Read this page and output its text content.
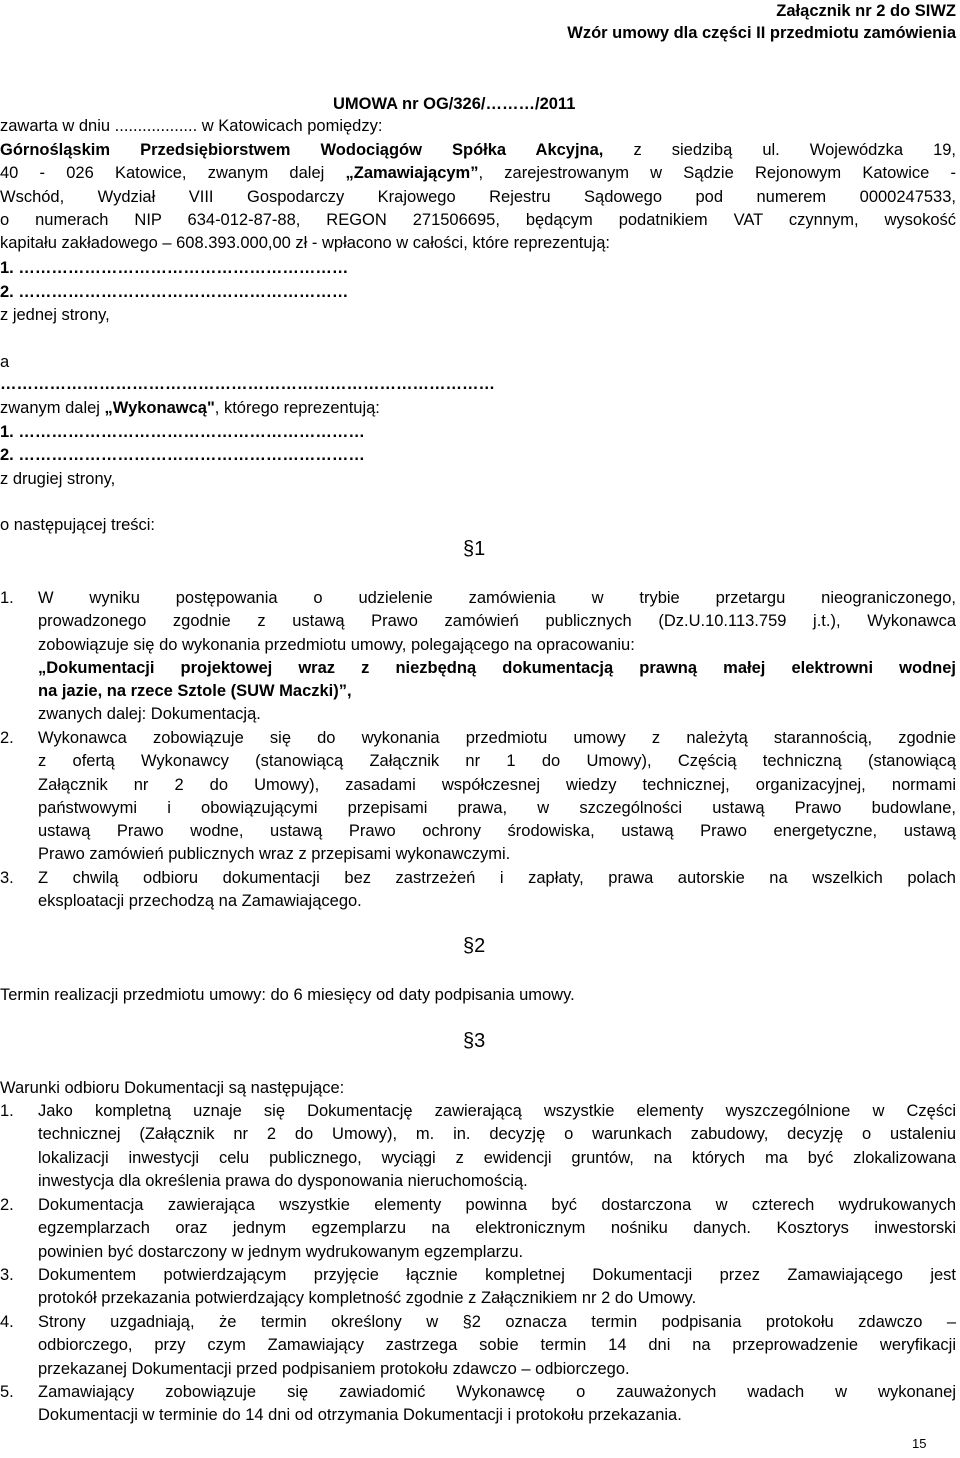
Załącznik nr 2 do SIWZ
Wzór umowy dla części II przedmiotu zamówienia
UMOWA nr OG/326/………/2011
zawarta w dniu .................. w Katowicach pomiędzy:
Górnośląskim Przedsiębiorstwem Wodociągów Spółka Akcyjna, z siedzibą ul. Wojewódzka 19,
40 - 026 Katowice, zwanym dalej „Zamawiającym”, zarejestrowanym w Sądzie Rejonowym Katowice -
Wschód, Wydział VIII Gospodarczy Krajowego Rejestru Sądowego pod numerem 0000247533,
o numerach NIP 634-012-87-88, REGON 271506695, będącym podatnikiem VAT czynnym, wysokość
kapitału zakładowego – 608.393.000,00 zł - wpłacono w całości, które reprezentują:
1. ……………………………………………………
2. ……………………………………………………
z jednej strony,
a
………………………………………………………………………………
zwanym dalej „Wykonawcą", którego reprezentują:
1. ………………………………………………………
2. ………………………………………………………
z drugiej strony,
o następującej treści:
§1
1. W wyniku postępowania o udzielenie zamówienia w trybie przetargu nieograniczonego,
prowadzonego zgodnie z ustawą Prawo zamówień publicznych (Dz.U.10.113.759 j.t.), Wykonawca
zobowiązuje się do wykonania przedmiotu umowy, polegającego na opracowaniu:
„Dokumentacji projektowej wraz z niezbędną dokumentacją prawną małej elektrowni wodnej
na jazie, na rzece Sztole (SUW Maczki)”,
zwanych dalej: Dokumentacją.
2. Wykonawca zobowiązuje się do wykonania przedmiotu umowy z należytą starannością, zgodnie
z ofertą Wykonawcy (stanowiącą Załącznik nr 1 do Umowy), Częścią techniczną (stanowiącą
Załącznik nr 2 do Umowy), zasadami współczesnej wiedzy technicznej, organizacyjnej, normami
państwowymi i obowiązującymi przepisami prawa, w szczególności ustawą Prawo budowlane,
ustawą Prawo wodne, ustawą Prawo ochrony środowiska, ustawą Prawo energetyczne, ustawą
Prawo zamówień publicznych wraz z przepisami wykonawczymi.
3. Z chwilą odbioru dokumentacji bez zastrzeżeń i zapłaty, prawa autorskie na wszelkich polach
eksploatacji przechodzą na Zamawiającego.
§2
Termin realizacji przedmiotu umowy: do 6 miesięcy od daty podpisania umowy.
§3
Warunki odbioru Dokumentacji są następujące:
1. Jako kompletną uznaje się Dokumentację zawierającą wszystkie elementy wyszczególnione w Części
technicznej (Załącznik nr 2 do Umowy), m. in. decyzję o warunkach zabudowy, decyzję o ustaleniu
lokalizacji inwestycji celu publicznego, wyciągi z ewidencji gruntów, na których ma być zlokalizowana
inwestycja dla określenia prawa do dysponowania nieruchomością.
2. Dokumentacja zawierająca wszystkie elementy powinna być dostarczona w czterech wydrukowanych
egzemplarzach oraz jednym egzemplarzu na elektronicznym nośniku danych. Kosztorys inwestorski
powinien być dostarczony w jednym wydrukowanym egzemplarzu.
3. Dokumentem potwierdzającym przyjęcie łącznie kompletnej Dokumentacji przez Zamawiającego jest
protokół przekazania potwierdzający kompletność zgodnie z Załącznikiem nr 2 do Umowy.
4. Strony uzgadniają, że termin określony w §2 oznacza termin podpisania protokołu zdawczo –
odbiorczego, przy czym Zamawiający zastrzega sobie termin 14 dni na przeprowadzenie weryfikacji
przekazanej Dokumentacji przed podpisaniem protokołu zdawczo – odbiorczego.
5. Zamawiający zobowiązuje się zawiadomić Wykonawcę o zauważonych wadach w wykonanej
Dokumentacji w terminie do 14 dni od otrzymania Dokumentacji i protokołu przekazania.
15
